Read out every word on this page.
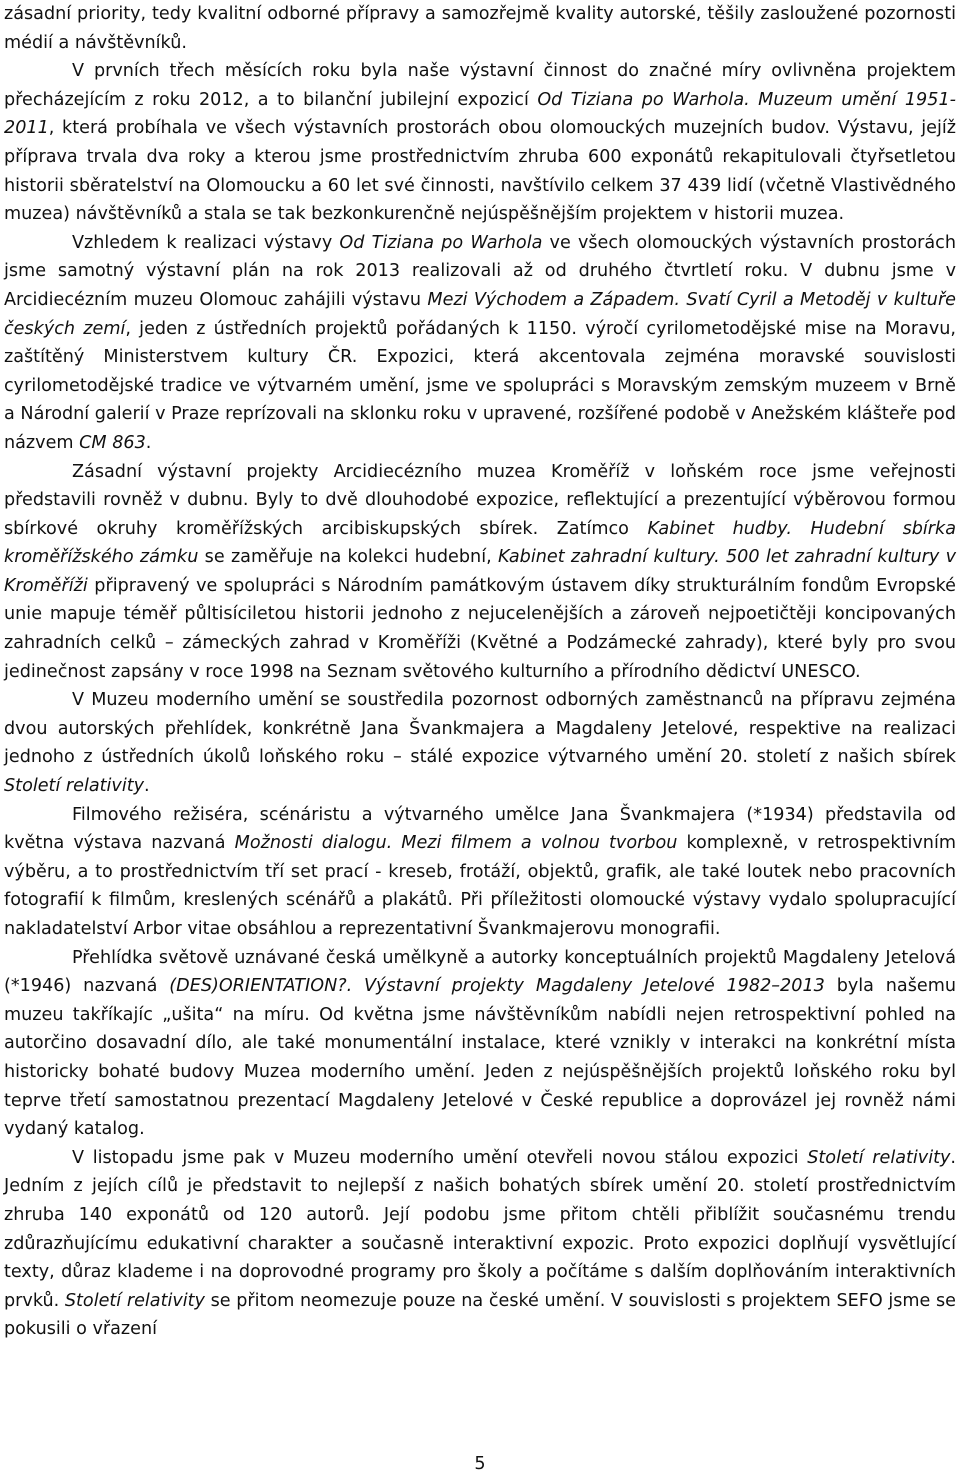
zásadní priority, tedy kvalitní odborné přípravy a samozřejmě kvality autorské, těšily zasloužené pozornosti médií a návštěvníků.

V prvních třech měsících roku byla naše výstavní činnost do značné míry ovlivněna projektem přecházejícím z roku 2012, a to bilanční jubilejní expozicí Od Tiziana po Warhola. Muzeum umění 1951-2011, která probíhala ve všech výstavních prostorách obou olomouckých muzejních budov. Výstavu, jejíž příprava trvala dva roky a kterou jsme prostřednictvím zhruba 600 exponátů rekapitulovali čtyřsetletou historii sběratelství na Olomoucku a 60 let své činnosti, navštívilo celkem 37 439 lidí (včetně Vlastivědného muzea) návštěvníků a stala se tak bezkonkurenčně nejúspěšnějším projektem v historii muzea.

Vzhledem k realizaci výstavy Od Tiziana po Warhola ve všech olomouckých výstavních prostorách jsme samotný výstavní plán na rok 2013 realizovali až od druhého čtvrtletí roku. V dubnu jsme v Arcidiecézním muzeu Olomouc zahájili výstavu Mezi Východem a Západem. Svatí Cyril a Metoděj v kultuře českých zemí, jeden z ústředních projektů pořádaných k 1150. výročí cyrilometodějské mise na Moravu, zaštítěný Ministerstvem kultury ČR. Expozici, která akcentovala zejména moravské souvislosti cyrilometodějské tradice ve výtvarném umění, jsme ve spolupráci s Moravským zemským muzeem v Brně a Národní galerií v Praze reprízovali na sklonku roku v upravené, rozšířené podobě v Anežském klášteře pod názvem CM 863.

Zásadní výstavní projekty Arcidiecézního muzea Kroměříž v loňském roce jsme veřejnosti představili rovněž v dubnu. Byly to dvě dlouhodobé expozice, reflektující a prezentující výběrovou formou sbírkové okruhy kroměřížských arcibiskupských sbírek. Zatímco Kabinet hudby. Hudební sbírka kroměřížského zámku se zaměřuje na kolekci hudební, Kabinet zahradní kultury. 500 let zahradní kultury v Kroměříži připravený ve spolupráci s Národním památkovým ústavem díky strukturálním fondům Evropské unie mapuje téměř půltisíciletou historii jednoho z nejucelenějších a zároveň nejpoetičtěji koncipovaných zahradních celků – zámeckých zahrad v Kroměříži (Květné a Podzámecké zahrady), které byly pro svou jedinečnost zapsány v roce 1998 na Seznam světového kulturního a přírodního dědictví UNESCO.

V Muzeu moderního umění se soustředila pozornost odborných zaměstnanců na přípravu zejména dvou autorských přehlídek, konkrétně Jana Švankmajera a Magdaleny Jetelové, respektive na realizaci jednoho z ústředních úkolů loňského roku – stálé expozice výtvarného umění 20. století z našich sbírek Století relativity.

Filmového režiséra, scénáristu a výtvarného umělce Jana Švankmajera (*1934) představila od května výstava nazvaná Možnosti dialogu. Mezi filmem a volnou tvorbou komplexně, v retrospektivním výběru, a to prostřednictvím tří set prací - kreseb, frotáží, objektů, grafik, ale také loutek nebo pracovních fotografií k filmům, kreslených scénářů a plakátů. Při příležitosti olomoucké výstavy vydalo spolupracující nakladatelství Arbor vitae obsáhlou a reprezentativní Švankmajerovu monografii.

Přehlídka světově uznávané česká umělkyně a autorky konceptuálních projektů Magdaleny Jetelová (*1946) nazvaná (DES)ORIENTATION?. Výstavní projekty Magdaleny Jetelové 1982–2013 byla našemu muzeu takříkajíc „ušita“ na míru. Od května jsme návštěvníkům nabídli nejen retrospektivní pohled na autorčino dosavadní dílo, ale také monumentální instalace, které vznikly v interakci na konkrétní místa historicky bohaté budovy Muzea moderního umění. Jeden z nejúspěšnějších projektů loňského roku byl teprve třetí samostatnou prezentací Magdaleny Jetelové v České republice a doprovázel jej rovněž námi vydaný katalog.

V listopadu jsme pak v Muzeu moderního umění otevřeli novou stálou expozici Století relativity. Jedním z jejích cílů je představit to nejlepší z našich bohatých sbírek umění 20. století prostřednictvím zhruba 140 exponátů od 120 autorů. Její podobu jsme přitom chtěli přiblížit současnému trendu zdůrazňujícímu edukativní charakter a současně interaktivní expozic. Proto expozici doplňují vysvětlující texty, důraz klademe i na doprovodné programy pro školy a počítáme s dalším doplňováním interaktivních prvků. Století relativity se přitom neomezuje pouze na české umění. V souvislosti s projektem SEFO jsme se pokusili o vřazení

5
